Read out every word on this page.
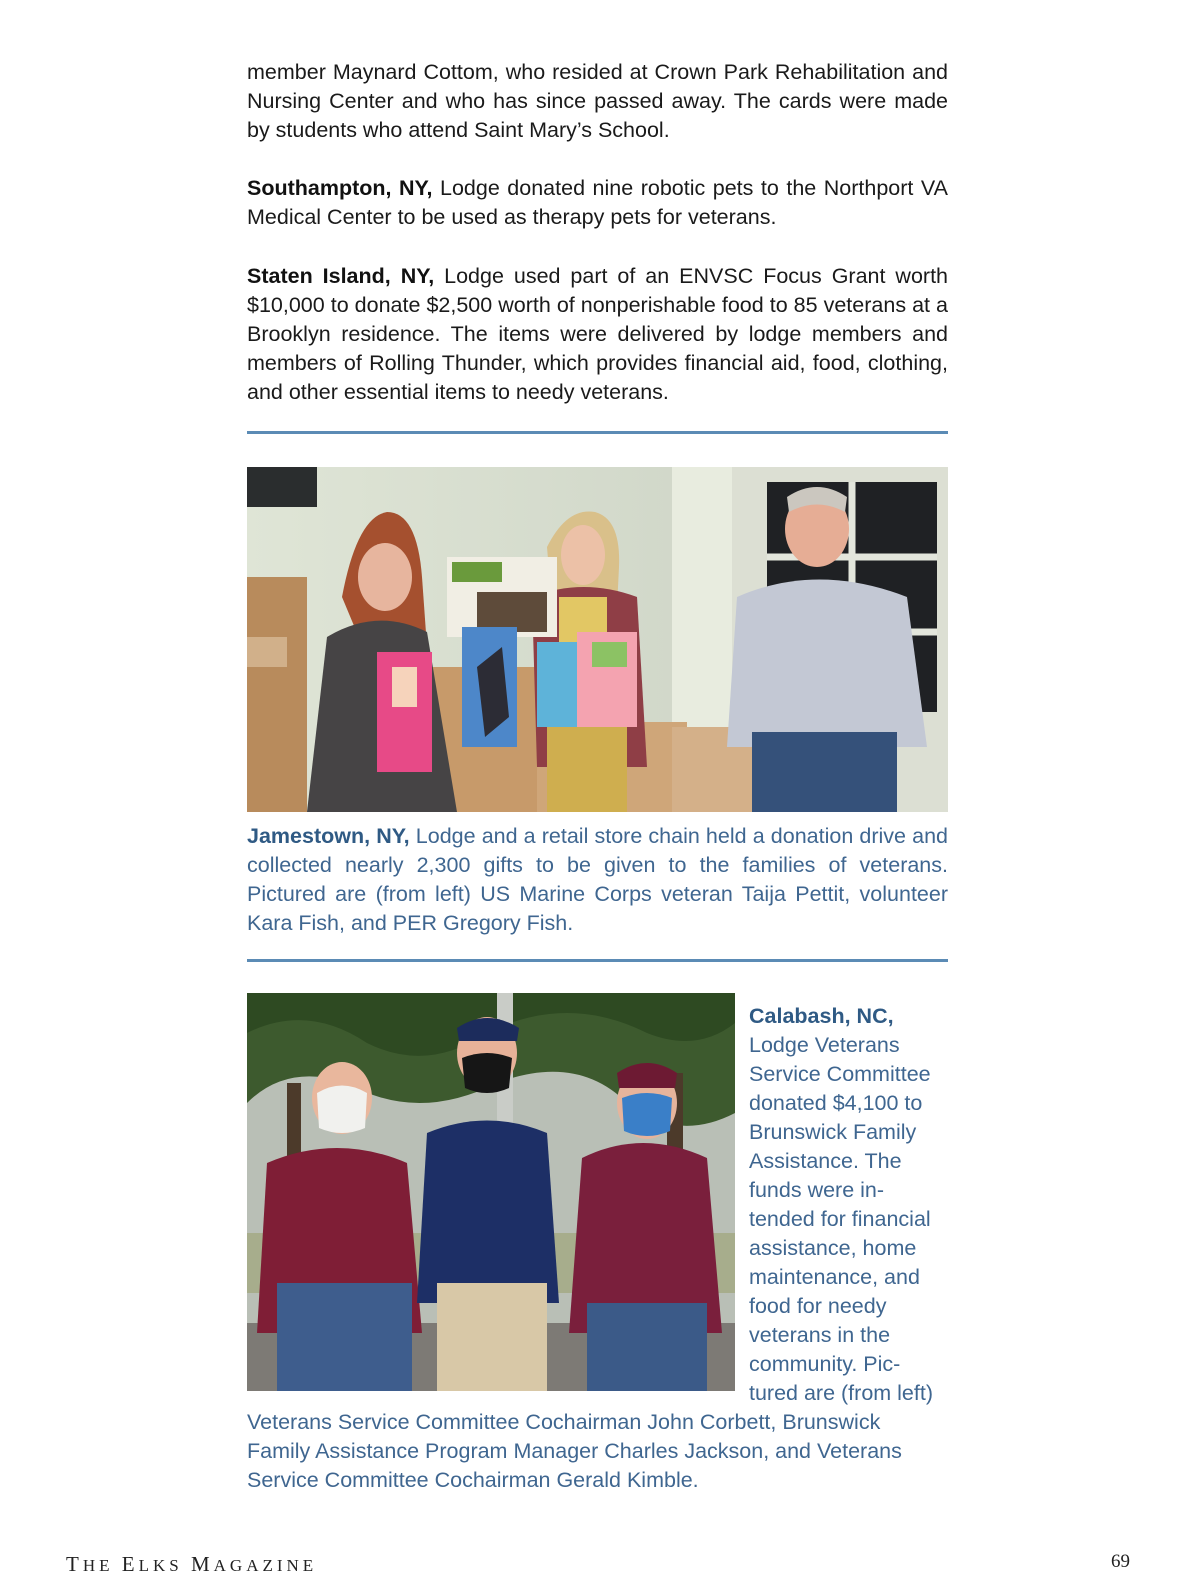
member Maynard Cottom, who resided at Crown Park Rehabilitation and Nursing Center and who has since passed away. The cards were made by students who attend Saint Mary’s School.

Southampton, NY, Lodge donated nine robotic pets to the Northport VA Medical Center to be used as therapy pets for veterans.

Staten Island, NY, Lodge used part of an ENVSC Focus Grant worth $10,000 to donate $2,500 worth of nonperishable food to 85 veterans at a Brooklyn residence. The items were delivered by lodge members and members of Rolling Thunder, which provides financial aid, food, clothing, and other essential items to needy veterans.

Jamestown, NY, Lodge and a retail store chain held a donation drive and collected nearly 2,300 gifts to be given to the families of veterans. Pictured are (from left) US Marine Corps veteran Taija Pettit, volunteer Kara Fish, and PER Gregory Fish.

Calabash, NC,
Lodge Veterans
Service Committee
donated $4,100 to
Brunswick Family
Assistance. The
funds were in-
tended for financial
assistance, home
maintenance, and
food for needy
veterans in the
community. Pic-
tured are (from left)
Veterans Service Committee Cochairman John Corbett, Brunswick
Family Assistance Program Manager Charles Jackson, and Veterans
Service Committee Cochairman Gerald Kimble.
THE ELKS MAGAZINE	69
